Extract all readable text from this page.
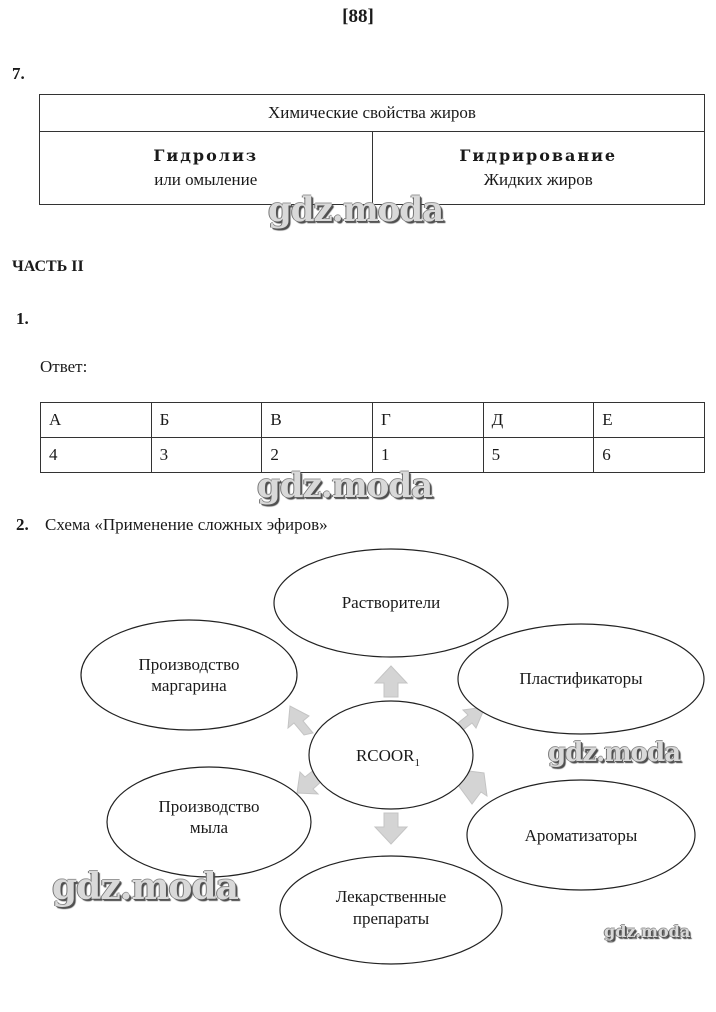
[88]
7.
Химические свойства жиров	
Гидролиз	Гидрирование
или омыление	Жидких жиров
gdz.moda
ЧАСТЬ II
1.
Ответ:
А	Б	В	Г	Д	Е
4	3	2	1	5	6
gdz.moda
2. Схема «Применение сложных эфиров»
Растворители
Пластификаторы
Ароматизаторы
Лекарственные
препараты
Производство
мыла
Производство
маргарина
$RCOOR_1$	gdz.moda
gdz.moda
gdz.moda
